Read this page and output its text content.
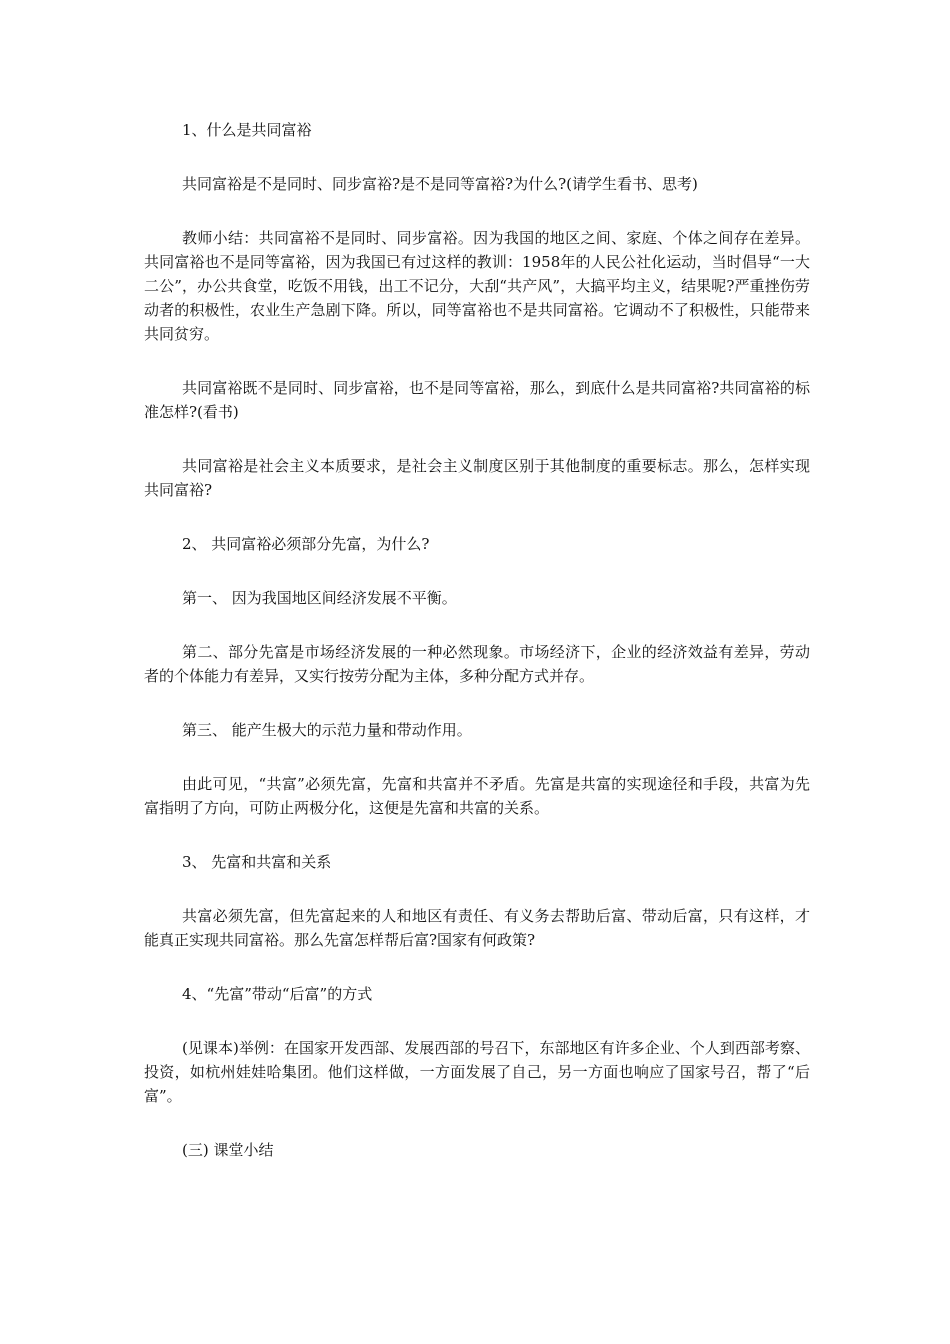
1、什么是共同富裕

共同富裕是不是同时、同步富裕?是不是同等富裕?为什么?(请学生看书、思考)

教师小结：共同富裕不是同时、同步富裕。因为我国的地区之间、家庭、个体之间存在差异。共同富裕也不是同等富裕，因为我国已有过这样的教训：1958年的人民公社化运动，当时倡导“一大二公”，办公共食堂，吃饭不用钱，出工不记分，大刮“共产风”，大搞平均主义，结果呢?严重挫伤劳动者的积极性，农业生产急剧下降。所以，同等富裕也不是共同富裕。它调动不了积极性，只能带来共同贫穷。

共同富裕既不是同时、同步富裕，也不是同等富裕，那么，到底什么是共同富裕?共同富裕的标准怎样?(看书)

共同富裕是社会主义本质要求，是社会主义制度区别于其他制度的重要标志。那么，怎样实现共同富裕?

2、 共同富裕必须部分先富，为什么?

第一、 因为我国地区间经济发展不平衡。

第二、部分先富是市场经济发展的一种必然现象。市场经济下，企业的经济效益有差异，劳动者的个体能力有差异，又实行按劳分配为主体，多种分配方式并存。

第三、 能产生极大的示范力量和带动作用。

由此可见，“共富”必须先富，先富和共富并不矛盾。先富是共富的实现途径和手段，共富为先富指明了方向，可防止两极分化，这便是先富和共富的关系。

3、 先富和共富和关系

共富必须先富，但先富起来的人和地区有责任、有义务去帮助后富、带动后富，只有这样，才能真正实现共同富裕。那么先富怎样帮后富?国家有何政策?

4、“先富”带动“后富”的方式

(见课本)举例：在国家开发西部、发展西部的号召下，东部地区有许多企业、个人到西部考察、投资，如杭州娃娃哈集团。他们这样做，一方面发展了自己，另一方面也响应了国家号召，帮了“后富”。

(三) 课堂小结
